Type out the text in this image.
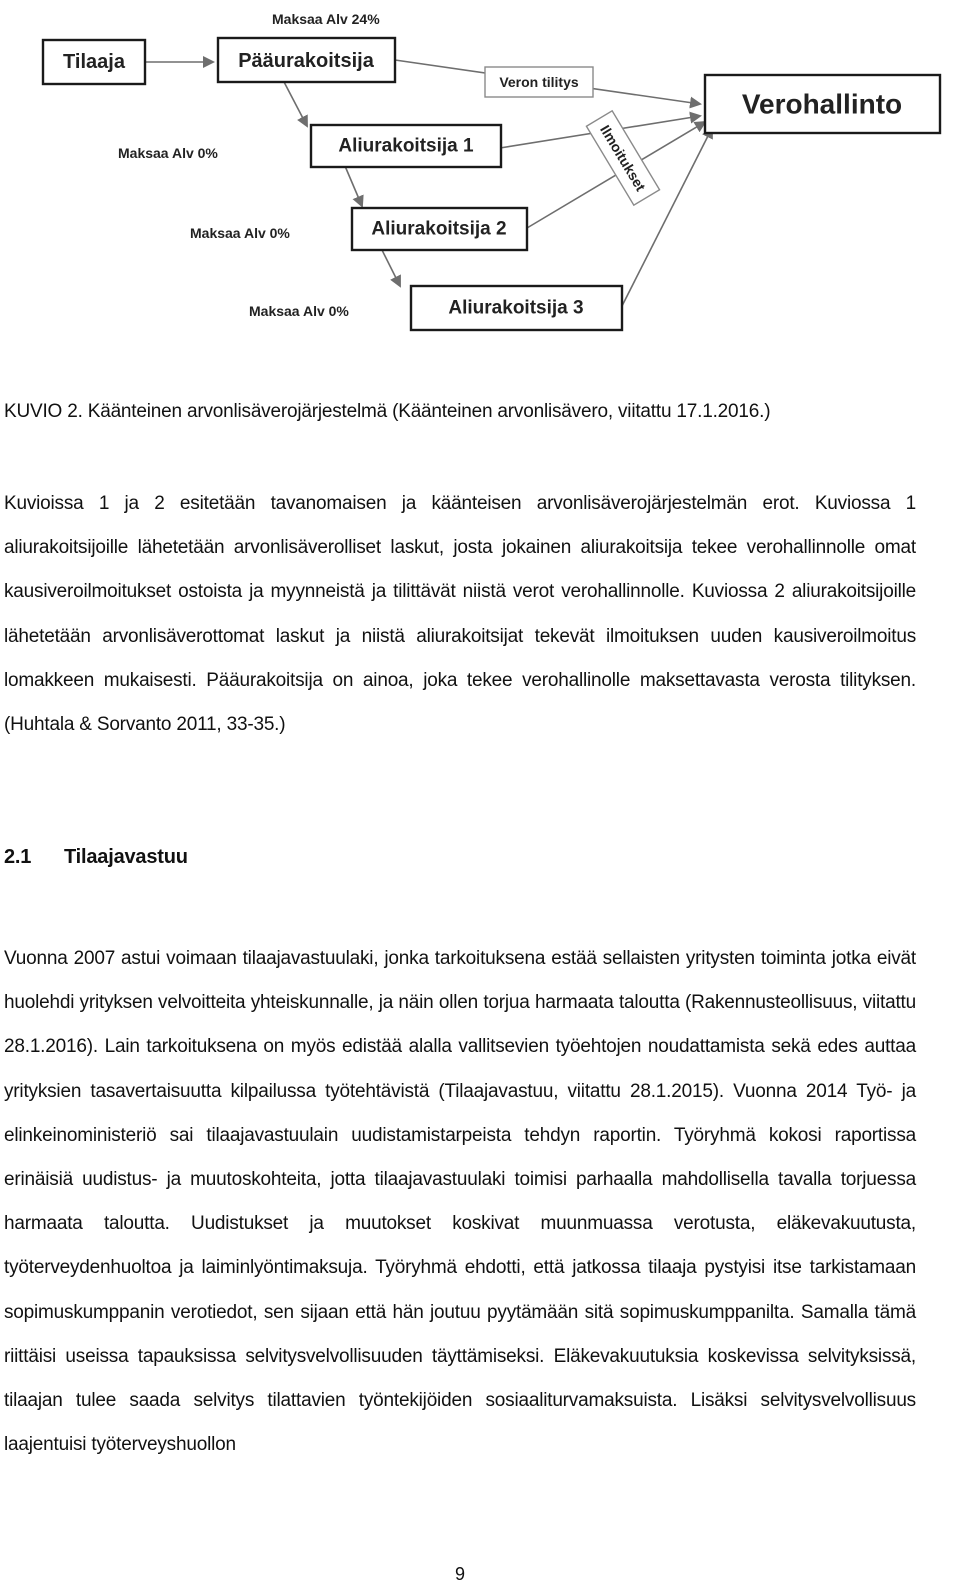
Tilaaja	Pääurakoitsija
Aliurakoitsija 1
Aliurakoitsija 2
Aliurakoitsija 3
Verohallinto
Veron tilitys
Ilmoitukset
Maksaa Alv 24%
Maksaa Alv 0%
Maksaa Alv 0%
Maksaa Alv 0%
KUVIO 2. Käänteinen arvonlisäverojärjestelmä (Käänteinen arvonlisävero, viitattu 17.1.2016.)

Kuvioissa 1 ja 2 esitetään tavanomaisen ja käänteisen arvonlisäverojärjestelmän erot. Kuviossa 1 aliurakoitsijoille lähetetään arvonlisäverolliset laskut, josta jokainen aliurakoitsija tekee verohallinnolle omat kausiveroilmoitukset ostoista ja myynneistä ja tilittävät niistä verot verohallinnolle. Kuviossa 2 aliurakoitsijoille lähetetään arvonlisäverottomat laskut ja niistä aliurakoitsijat tekevät ilmoituksen uuden kausiveroilmoitus lomakkeen mukaisesti. Pääurakoitsija on ainoa, joka tekee verohallinolle maksettavasta verosta tilityksen. (Huhtala & Sorvanto 2011, 33-35.)

2.1 Tilaajavastuu

Vuonna 2007 astui voimaan tilaajavastuulaki, jonka tarkoituksena estää sellaisten yritysten toiminta jotka eivät huolehdi yrityksen velvoitteita yhteiskunnalle, ja näin ollen torjua harmaata taloutta (Rakennusteollisuus, viitattu 28.1.2016). Lain tarkoituksena on myös edistää alalla vallitsevien työehtojen noudattamista sekä edes auttaa yrityksien tasavertaisuutta kilpailussa työtehtävistä (Tilaajavastuu, viitattu 28.1.2015). Vuonna 2014 Työ- ja elinkeinoministeriö sai tilaajavastuulain uudistamistarpeista tehdyn raportin. Työryhmä kokosi raportissa erinäisiä uudistus- ja muutoskohteita, jotta tilaajavastuulaki toimisi parhaalla mahdollisella tavalla torjuessa harmaata taloutta. Uudistukset ja muutokset koskivat muunmuassa verotusta, eläkevakuutusta, työterveydenhuoltoa ja laiminlyöntimaksuja. Työryhmä ehdotti, että jatkossa tilaaja pystyisi itse tarkistamaan sopimuskumppanin verotiedot, sen sijaan että hän joutuu pyytämään sitä sopimuskumppanilta. Samalla tämä riittäisi useissa tapauksissa selvitysvelvollisuuden täyttämiseksi. Eläkevakuutuksia koskevissa selvityksissä, tilaajan tulee saada selvitys tilattavien työntekijöiden sosiaaliturvamaksuista. Lisäksi selvitysvelvollisuus laajentuisi työterveyshuollon

9
